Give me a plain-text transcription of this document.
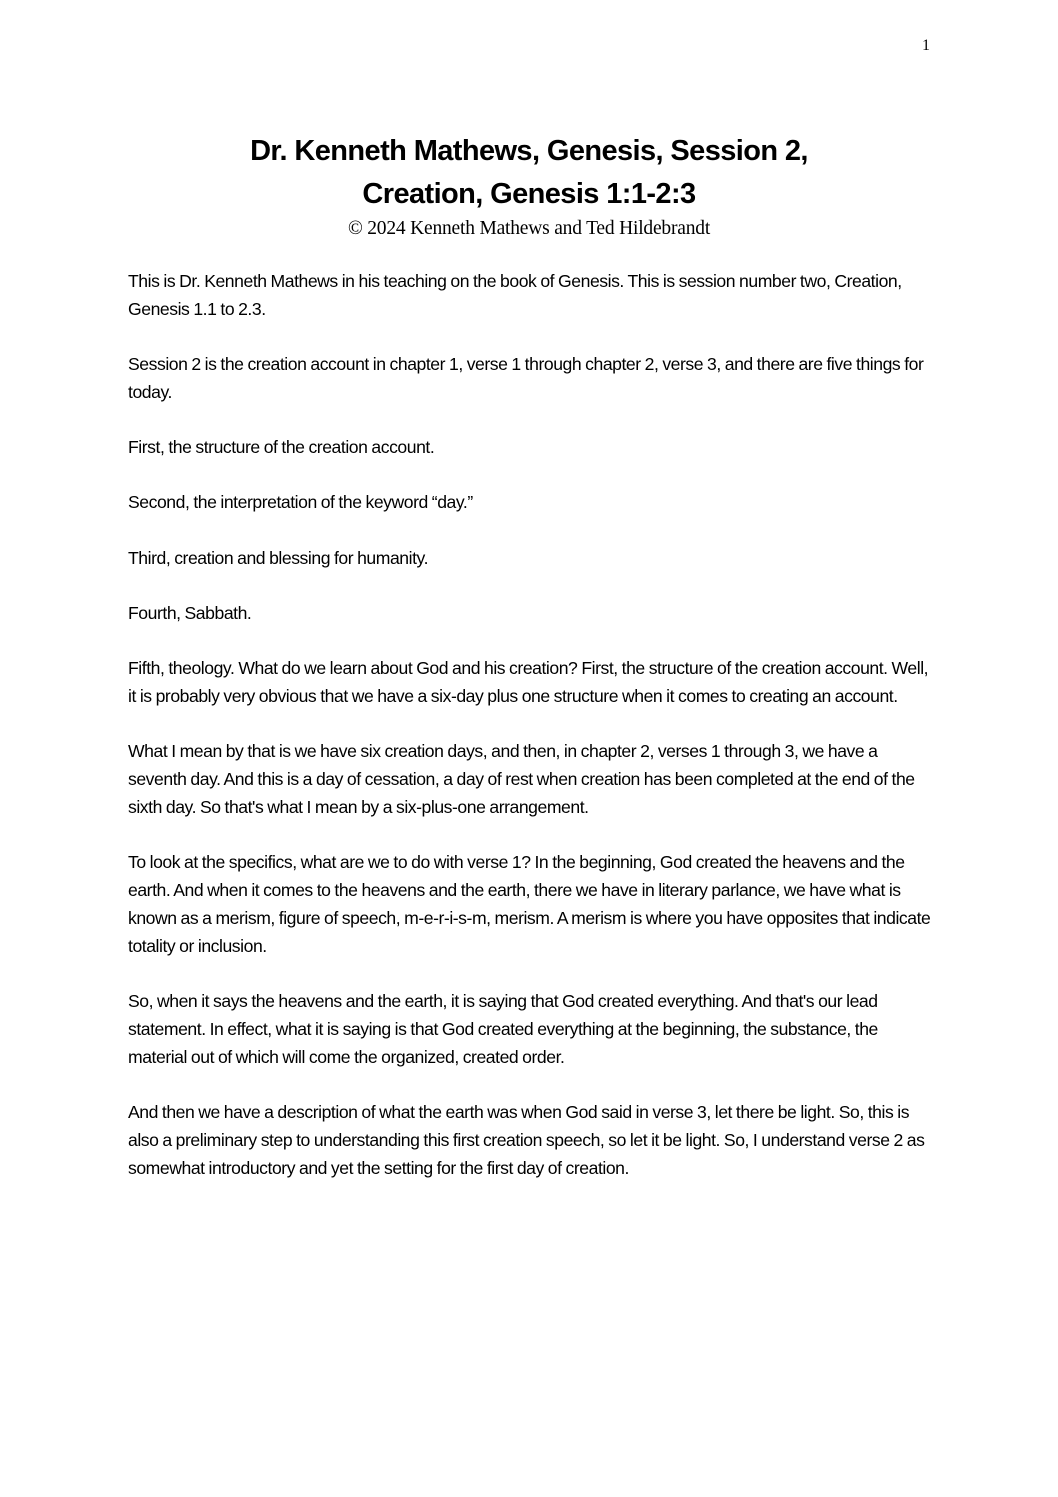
1
Dr. Kenneth Mathews, Genesis, Session 2,
Creation, Genesis 1:1-2:3

© 2024 Kenneth Mathews and Ted Hildebrandt

This is Dr. Kenneth Mathews in his teaching on the book of Genesis. This is session number two, Creation, Genesis 1.1 to 2.3.

Session 2 is the creation account in chapter 1, verse 1 through chapter 2, verse 3, and there are five things for today.

First, the structure of the creation account.

Second, the interpretation of the keyword “day.”

Third, creation and blessing for humanity.

Fourth, Sabbath.

Fifth, theology. What do we learn about God and his creation? First, the structure of the creation account. Well, it is probably very obvious that we have a six-day plus one structure when it comes to creating an account.

What I mean by that is we have six creation days, and then, in chapter 2, verses 1 through 3, we have a seventh day. And this is a day of cessation, a day of rest when creation has been completed at the end of the sixth day. So that's what I mean by a six-plus-one arrangement.

To look at the specifics, what are we to do with verse 1? In the beginning, God created the heavens and the earth. And when it comes to the heavens and the earth, there we have in literary parlance, we have what is known as a merism, figure of speech, m-e-r-i-s-m, merism. A merism is where you have opposites that indicate totality or inclusion.

So, when it says the heavens and the earth, it is saying that God created everything. And that's our lead statement. In effect, what it is saying is that God created everything at the beginning, the substance, the material out of which will come the organized, created order.

And then we have a description of what the earth was when God said in verse 3, let there be light. So, this is also a preliminary step to understanding this first creation speech, so let it be light. So, I understand verse 2 as somewhat introductory and yet the setting for the first day of creation.
